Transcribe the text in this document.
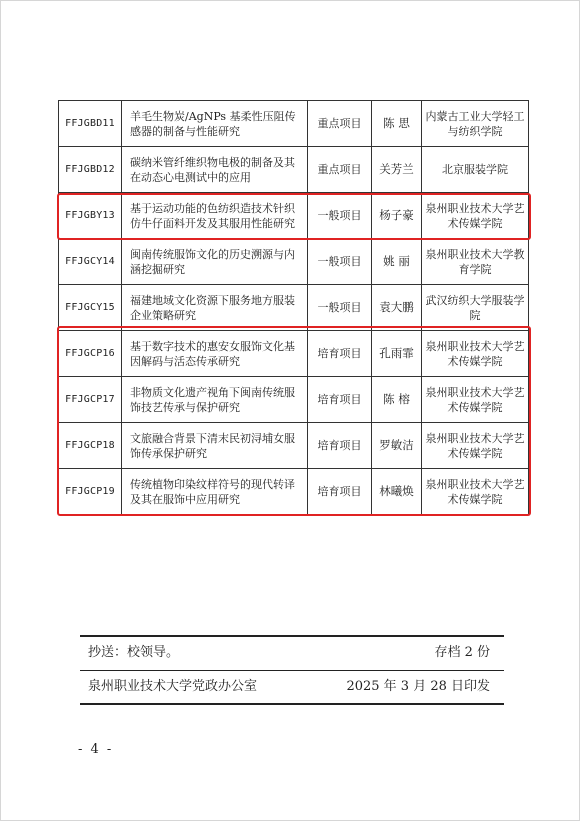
FFJGBD11	羊毛生物炭/AgNPs 基柔性压阻传感器的制备与性能研究	重点项目	陈 思	内蒙古工业大学轻工与纺织学院
FFJGBD12	碳纳米管纤维织物电极的制备及其在动态心电测试中的应用	重点项目	关芳兰	北京服装学院
FFJGBY13	基于运动功能的色纺织造技术针织仿牛仔面料开发及其服用性能研究	一般项目	杨子豪	泉州职业技术大学艺术传媒学院
FFJGCY14	闽南传统服饰文化的历史溯源与内涵挖掘研究	一般项目	姚 丽	泉州职业技术大学教育学院
FFJGCY15	福建地域文化资源下服务地方服装企业策略研究	一般项目	袁大鹏	武汉纺织大学服装学院
FFJGCP16	基于数字技术的惠安女服饰文化基因解码与活态传承研究	培育项目	孔雨霏	泉州职业技术大学艺术传媒学院
FFJGCP17	非物质文化遗产视角下闽南传统服饰技艺传承与保护研究	培育项目	陈 榕	泉州职业技术大学艺术传媒学院
FFJGCP18	文旅融合背景下清末民初浔埔女服饰传承保护研究	培育项目	罗敏洁	泉州职业技术大学艺术传媒学院
FFJGCP19	传统植物印染纹样符号的现代转译及其在服饰中应用研究	培育项目	林曦焕	泉州职业技术大学艺术传媒学院
抄送：校领导。	存档 2 份
泉州职业技术大学党政办公室	2025 年 3 月 28 日印发
- 4 -
